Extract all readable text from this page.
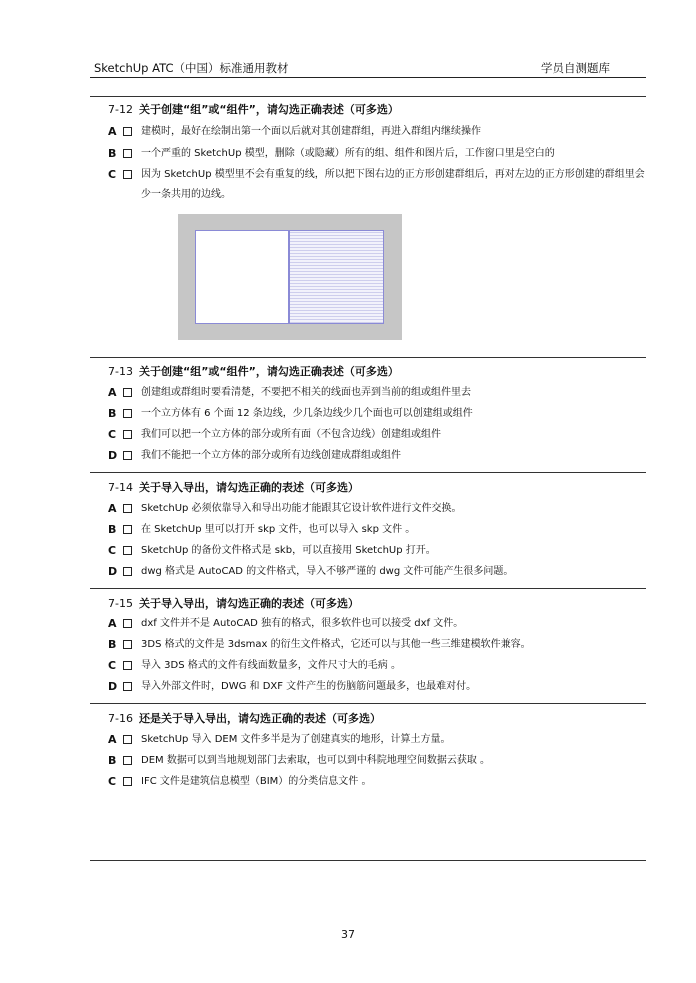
SketchUp ATC（中国）标准通用教材	学员自测题库
7-12 关于创建“组”或“组件”，请勾选正确表述（可多选）
A 建模时，最好在绘制出第一个面以后就对其创建群组，再进入群组内继续操作
B 一个严重的 SketchUp 模型，删除（或隐藏）所有的组、组件和图片后，工作窗口里是空白的
C 因为 SketchUp 模型里不会有重复的线，所以把下图右边的正方形创建群组后，再对左边的正方形创建的群组里会少一条共用的边线。
7-13 关于创建“组”或“组件”，请勾选正确表述（可多选）
A 创建组或群组时要看清楚，不要把不相关的线面也弄到当前的组或组件里去
B 一个立方体有 6 个面 12 条边线，少几条边线少几个面也可以创建组或组件
C 我们可以把一个立方体的部分或所有面（不包含边线）创建组或组件
D 我们不能把一个立方体的部分或所有边线创建成群组或组件
7-14 关于导入导出，请勾选正确的表述（可多选）
A SketchUp 必须依靠导入和导出功能才能跟其它设计软件进行文件交换。
B 在 SketchUp 里可以打开 skp 文件，也可以导入 skp 文件 。
C SketchUp 的备份文件格式是 skb，可以直接用 SketchUp 打开。
D dwg 格式是 AutoCAD 的文件格式，导入不够严谨的 dwg 文件可能产生很多问题。
7-15 关于导入导出，请勾选正确的表述（可多选）
A dxf 文件并不是 AutoCAD 独有的格式，很多软件也可以接受 dxf 文件。
B 3DS 格式的文件是 3dsmax 的衍生文件格式，它还可以与其他一些三维建模软件兼容。
C 导入 3DS 格式的文件有线面数量多，文件尺寸大的毛病 。
D 导入外部文件时，DWG 和 DXF 文件产生的伤脑筋问题最多，也最难对付。
7-16 还是关于导入导出，请勾选正确的表述（可多选）
A SketchUp 导入 DEM 文件多半是为了创建真实的地形，计算土方量。
B DEM 数据可以到当地规划部门去索取，也可以到中科院地理空间数据云获取 。
C IFC 文件是建筑信息模型（BIM）的分类信息文件 。
37
